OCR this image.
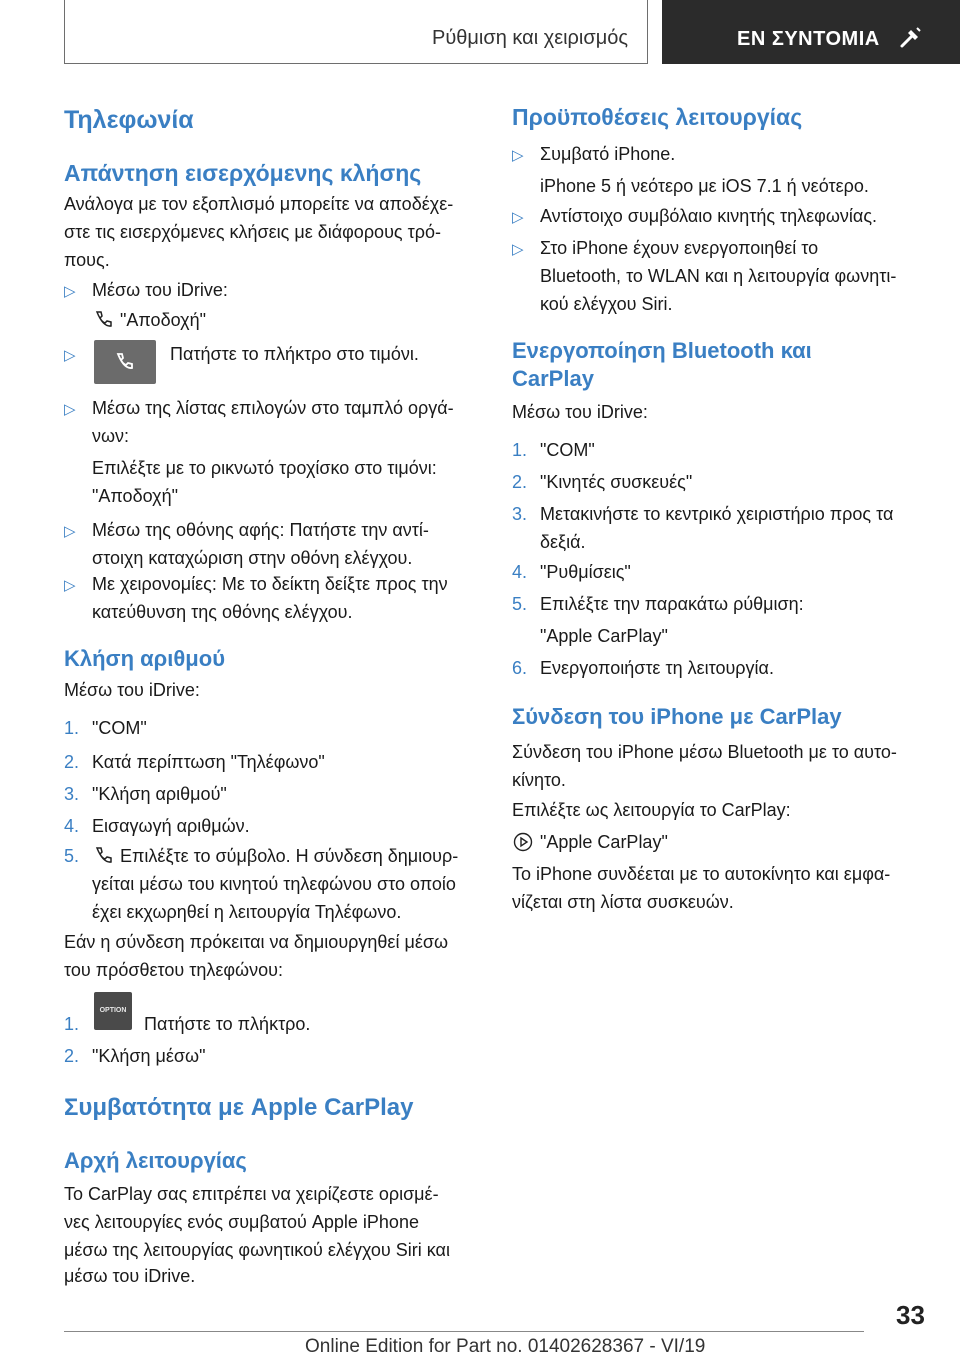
Ρύθμιση και χειρισμός	ΕΝ ΣΥΝΤΟΜΙΑ
Τηλεφωνία
Απάντηση εισερχόμενης κλήσης
Ανάλογα με τον εξοπλισμό μπορείτε να αποδέχε-
στε τις εισερχόμενες κλήσεις με διάφορους τρό-
πους.
▷ Μέσω του iDrive:
"Αποδοχή"
▷	Πατήστε το πλήκτρο στο τιμόνι.
▷ Μέσω της λίστας επιλογών στο ταμπλό οργά-
νων:
Επιλέξτε με το ρικνωτό τροχίσκο στο τιμόνι:
"Αποδοχή"
▷ Μέσω της οθόνης αφής: Πατήστε την αντί-
στοιχη καταχώριση στην οθόνη ελέγχου.
▷ Με χειρονομίες: Με το δείκτη δείξτε προς την
κατεύθυνση της οθόνης ελέγχου.
Κλήση αριθμού
Μέσω του iDrive:
1. "COM"
2. Κατά περίπτωση "Τηλέφωνο"
3. "Κλήση αριθμού"
4. Εισαγωγή αριθμών.
5.	Επιλέξτε το σύμβολο. Η σύνδεση δημιουρ-
γείται μέσω του κινητού τηλεφώνου στο οποίο
έχει εκχωρηθεί η λειτουργία Τηλέφωνο.
Εάν η σύνδεση πρόκειται να δημιουργηθεί μέσω
του πρόσθετου τηλεφώνου:
1.
OPTION
Πατήστε το πλήκτρο.
2. "Κλήση μέσω"
Συμβατότητα με Apple CarPlay
Αρχή λειτουργίας
Το CarPlay σας επιτρέπει να χειρίζεστε ορισμέ-
νες λειτουργίες ενός συμβατού Apple iPhone
μέσω της λειτουργίας φωνητικού ελέγχου Siri και
μέσω του iDrive.
Προϋποθέσεις λειτουργίας
▷ Συμβατό iPhone.
iPhone 5 ή νεότερο με iOS 7.1 ή νεότερο.
▷ Αντίστοιχο συμβόλαιο κινητής τηλεφωνίας.
▷ Στο iPhone έχουν ενεργοποιηθεί το
Bluetooth, το WLAN και η λειτουργία φωνητι-
κού ελέγχου Siri.
Ενεργοποίηση Bluetooth και
CarPlay
Μέσω του iDrive:
1. "COM"
2. "Κινητές συσκευές"
3. Μετακινήστε το κεντρικό χειριστήριο προς τα
δεξιά.
4. "Ρυθμίσεις"
5. Επιλέξτε την παρακάτω ρύθμιση:
"Apple CarPlay"
6. Ενεργοποιήστε τη λειτουργία.
Σύνδεση του iPhone με CarPlay
Σύνδεση του iPhone μέσω Bluetooth με το αυτο-
κίνητο.
Επιλέξτε ως λειτουργία το CarPlay:
"Apple CarPlay"
Το iPhone συνδέεται με το αυτοκίνητο και εμφα-
νίζεται στη λίστα συσκευών.
33
Online Edition for Part no. 01402628367 - VI/19
